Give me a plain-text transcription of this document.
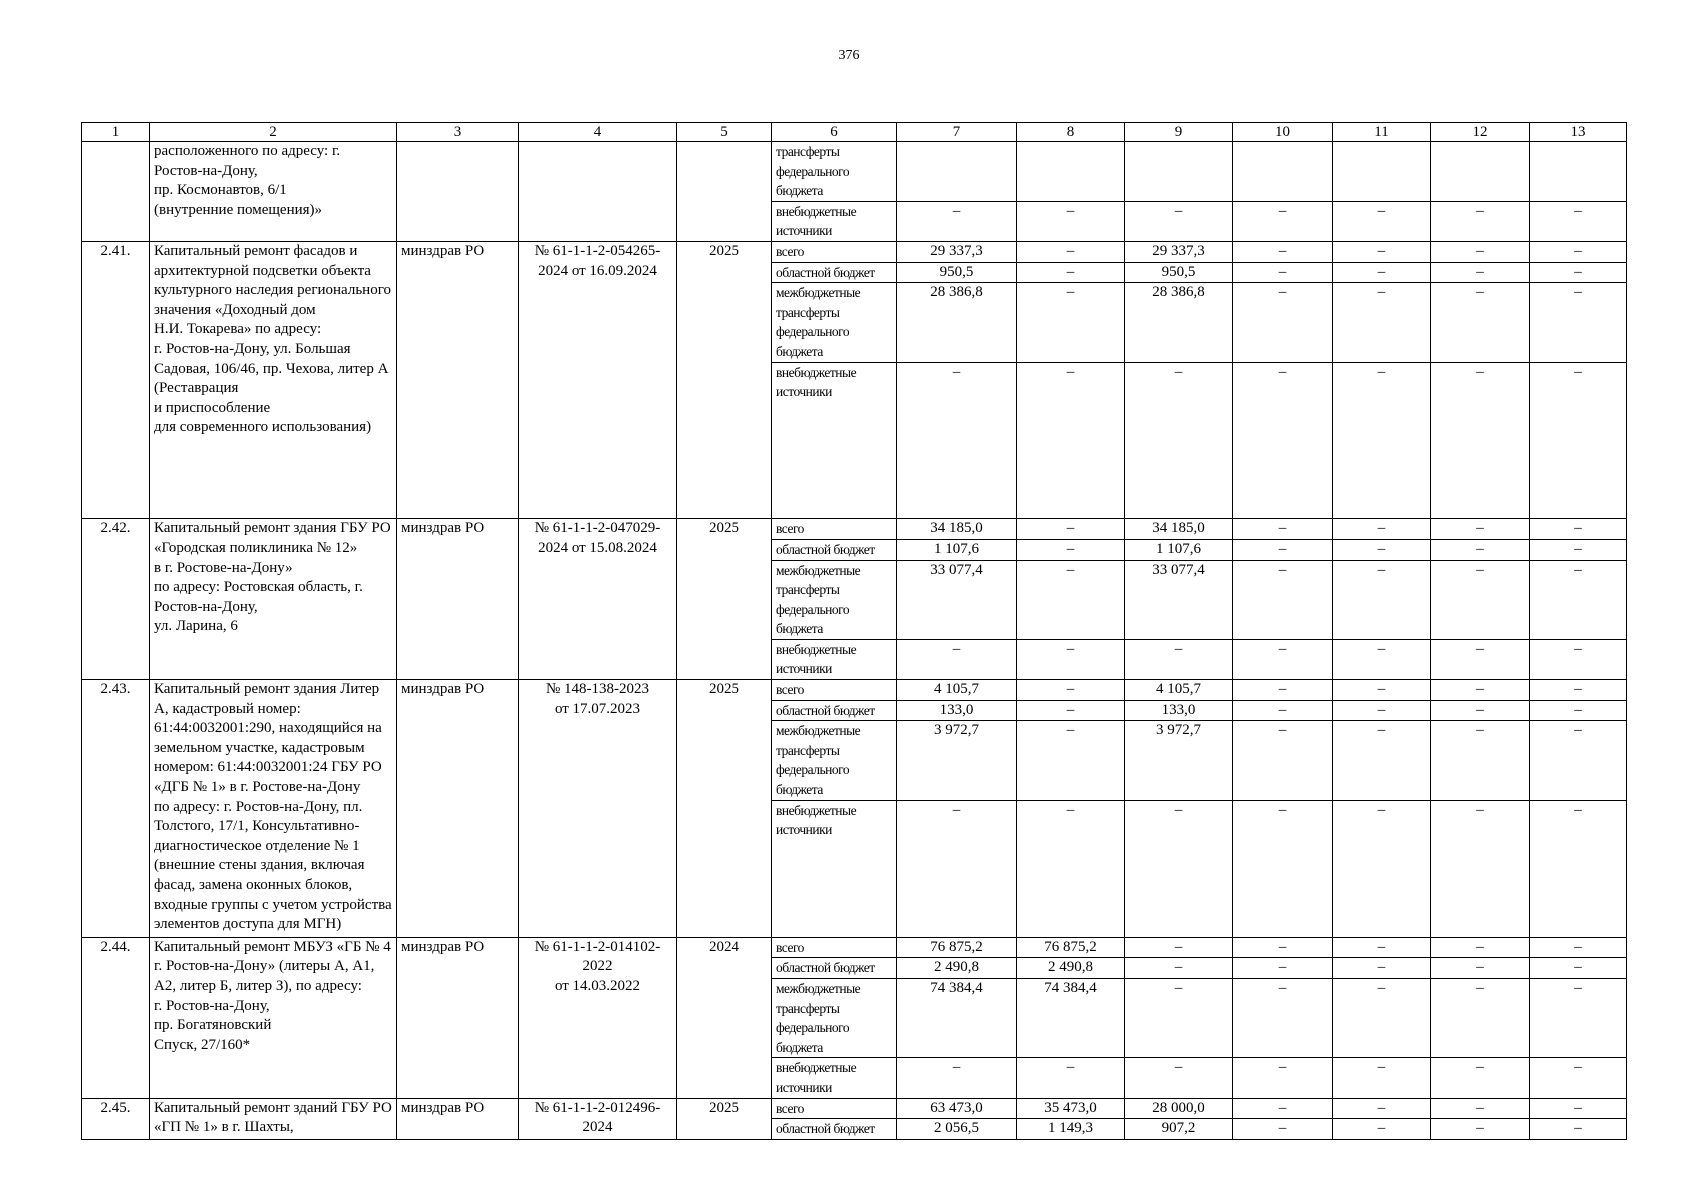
376
1	2	3	4	5	6	7	8	9	10	11	12	13
	расположенного по адресу: г.
Ростов-на-Дону,
пр. Космонавтов, 6/1
(внутренние помещения)»				трансферты федерального бюджета							
					внебюджетные источники	–	–	–	–	–	–	–
2.41.	Капитальный ремонт фасадов и архитектурной подсветки объекта культурного наследия регионального значения «Доходный дом
Н.И. Токарева» по адресу:
г. Ростов-на-Дону, ул. Большая Садовая, 106/46, пр. Чехова, литер А (Реставрация
и приспособление
для современного использования)	минздрав РО	№ 61-1-1-2-054265-2024 от 16.09.2024	2025	всего	29 337,3	–	29 337,3	–	–	–	–
					областной бюджет	950,5	–	950,5	–	–	–	–
					межбюджетные трансферты федерального бюджета	28 386,8	–	28 386,8	–	–	–	–
					внебюджетные источники	–	–	–	–	–	–	–
2.42.	Капитальный ремонт здания ГБУ РО «Городская поликлиника № 12»
в г. Ростове-на-Дону»
по адресу: Ростовская область, г. Ростов-на-Дону,
ул. Ларина, 6	минздрав РО	№ 61-1-1-2-047029-2024 от 15.08.2024	2025	всего	34 185,0	–	34 185,0	–	–	–	–
					областной бюджет	1 107,6	–	1 107,6	–	–	–	–
					межбюджетные трансферты федерального бюджета	33 077,4	–	33 077,4	–	–	–	–
					внебюджетные источники	–	–	–	–	–	–	–
2.43.	Капитальный ремонт здания Литер А, кадастровый номер: 61:44:0032001:290, находящийся на земельном участке, кадастровым номером: 61:44:0032001:24 ГБУ РО «ДГБ № 1» в г. Ростове-на-Дону
по адресу: г. Ростов-на-Дону, пл. Толстого, 17/1, Консультативно-диагностическое отделение № 1 (внешние стены здания, включая фасад, замена оконных блоков, входные группы с учетом устройства элементов доступа для МГН)	минздрав РО	№ 148-138-2023
от 17.07.2023	2025	всего	4 105,7	–	4 105,7	–	–	–	–
					областной бюджет	133,0	–	133,0	–	–	–	–
					межбюджетные трансферты федерального бюджета	3 972,7	–	3 972,7	–	–	–	–
					внебюджетные источники	–	–	–	–	–	–	–
2.44.	Капитальный ремонт МБУЗ «ГБ № 4 г. Ростов-на-Дону» (литеры А, А1, А2, литер Б, литер З), по адресу:
г. Ростов-на-Дону,
пр. Богатяновский
Спуск, 27/160*	минздрав РО	№ 61-1-1-2-014102-2022
от 14.03.2022	2024	всего	76 875,2	76 875,2	–	–	–	–	–
					областной бюджет	2 490,8	2 490,8	–	–	–	–	–
					межбюджетные трансферты федерального бюджета	74 384,4	74 384,4	–	–	–	–	–
					внебюджетные источники	–	–	–	–	–	–	–
2.45.	Капитальный ремонт зданий ГБУ РО «ГП № 1» в г. Шахты,	минздрав РО	№ 61-1-1-2-012496-2024	2025	всего	63 473,0	35 473,0	28 000,0	–	–	–	–
					областной бюджет	2 056,5	1 149,3	907,2	–	–	–	–
